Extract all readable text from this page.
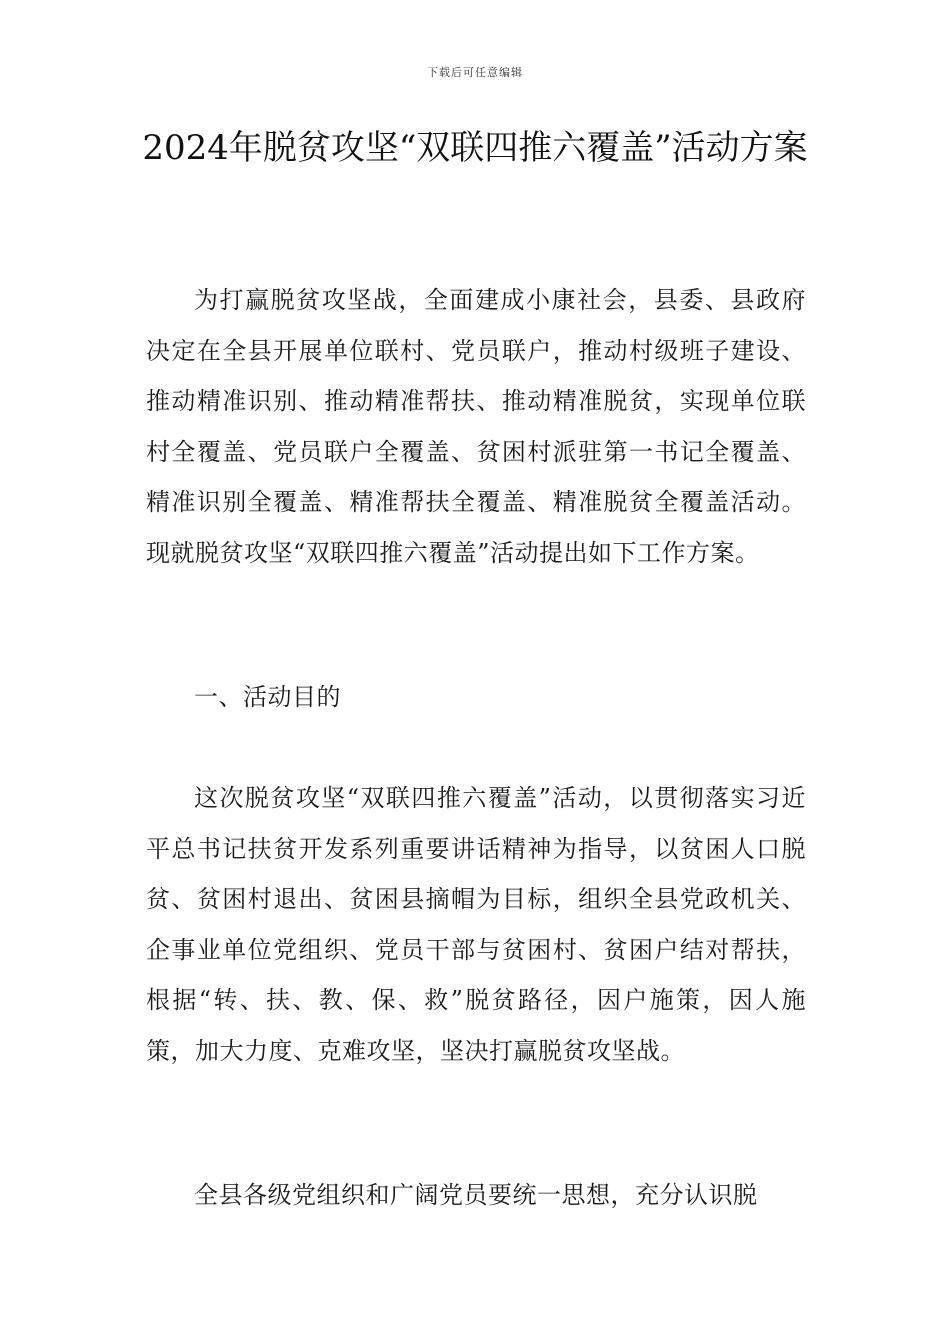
下载后可任意编辑
2024年脱贫攻坚“双联四推六覆盖”活动方案

为打赢脱贫攻坚战，全面建成小康社会，县委、县政府决定在全县开展单位联村、党员联户，推动村级班子建设、推动精准识别、推动精准帮扶、推动精准脱贫，实现单位联村全覆盖、党员联户全覆盖、贫困村派驻第一书记全覆盖、精准识别全覆盖、精准帮扶全覆盖、精准脱贫全覆盖活动。现就脱贫攻坚“双联四推六覆盖”活动提出如下工作方案。

一、活动目的

这次脱贫攻坚“双联四推六覆盖”活动，以贯彻落实习近平总书记扶贫开发系列重要讲话精神为指导，以贫困人口脱贫、贫困村退出、贫困县摘帽为目标，组织全县党政机关、企事业单位党组织、党员干部与贫困村、贫困户结对帮扶，根据“转、扶、教、保、救”脱贫路径，因户施策，因人施策，加大力度、克难攻坚，坚决打赢脱贫攻坚战。

全县各级党组织和广阔党员要统一思想，充分认识脱
